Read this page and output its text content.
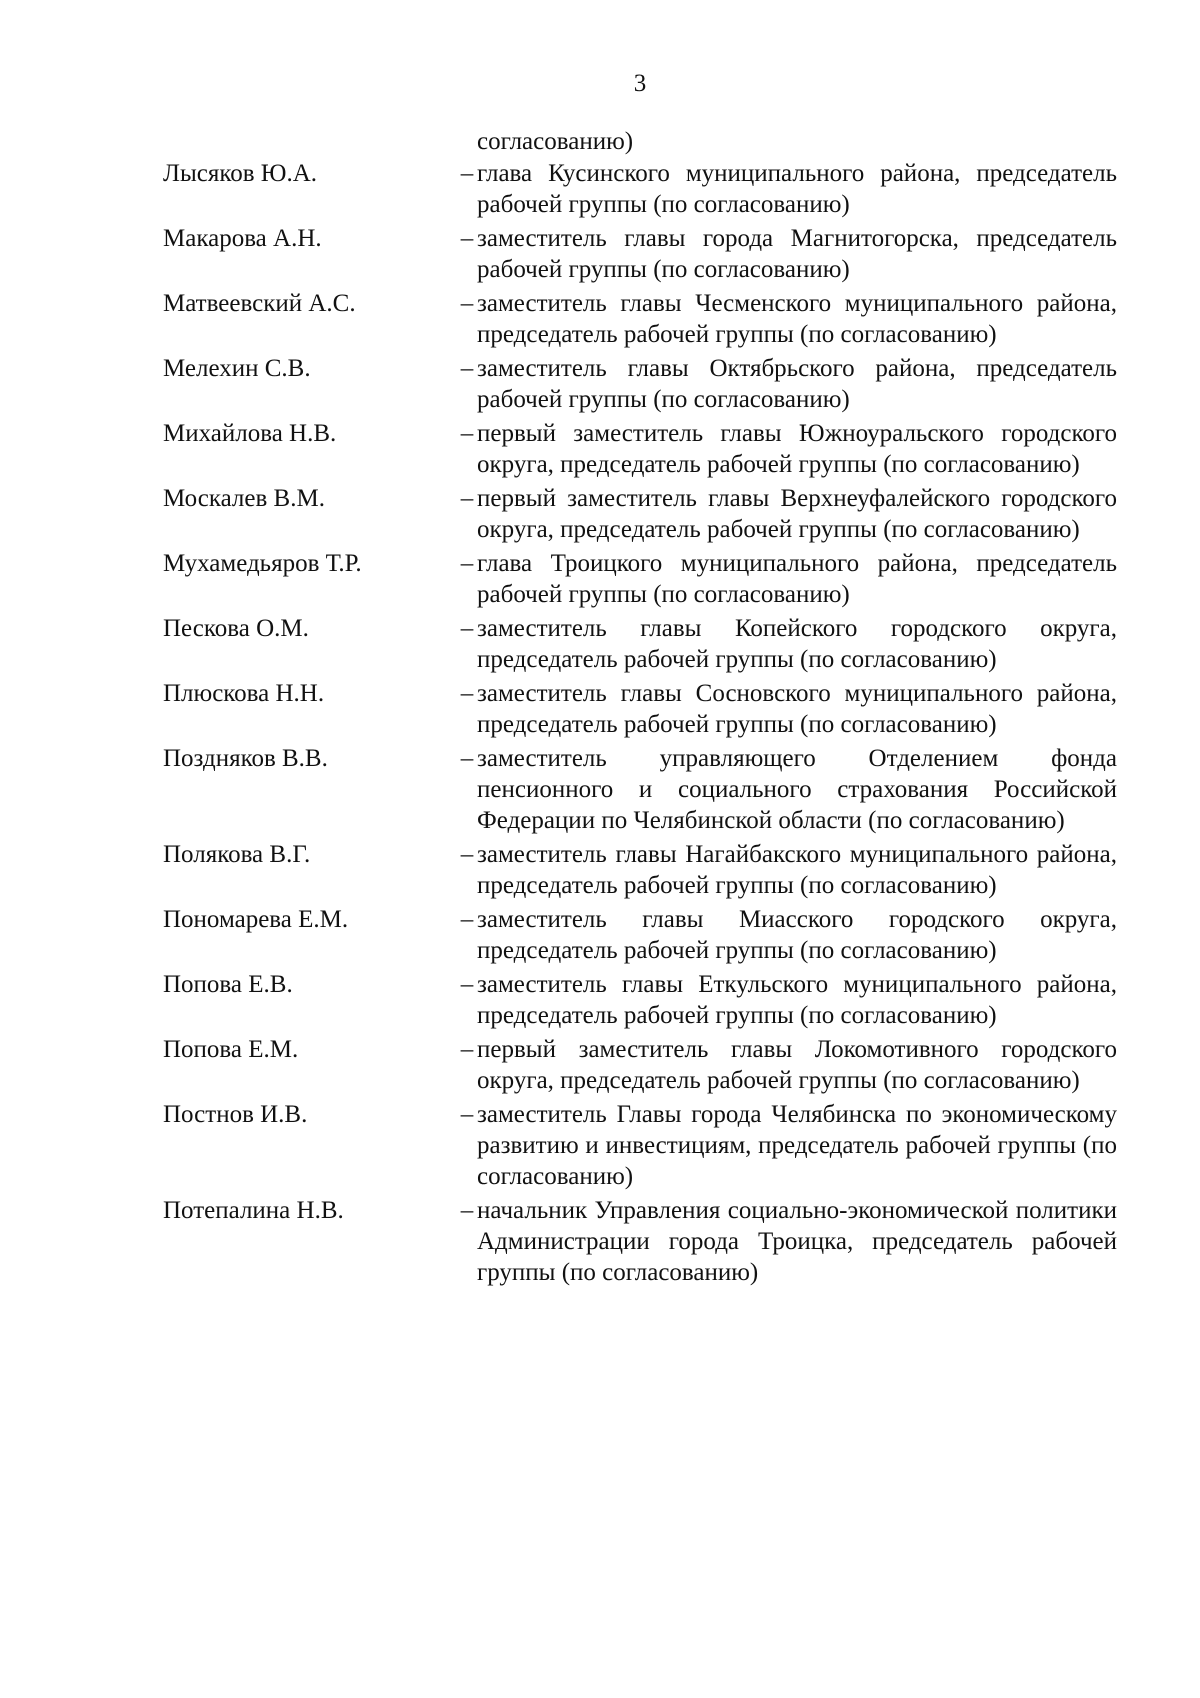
3
согласованию)
Лысяков Ю.А.	– глава Кусинского муниципального района, председатель рабочей группы (по согласованию)
Макарова А.Н.	– заместитель главы города Магнитогорска, председатель рабочей группы (по согласованию)
Матвеевский А.С.	– заместитель главы Чесменского муниципального района, председатель рабочей группы (по согласованию)
Мелехин С.В.	– заместитель главы Октябрьского района, председатель рабочей группы (по согласованию)
Михайлова Н.В.	– первый заместитель главы Южноуральского городского округа, председатель рабочей группы (по согласованию)
Москалев В.М.	– первый заместитель главы Верхнеуфалейского городского округа, председатель рабочей группы (по согласованию)
Мухамедьяров Т.Р.	– глава Троицкого муниципального района, председатель рабочей группы (по согласованию)
Пескова О.М.	– заместитель главы Копейского городского округа, председатель рабочей группы (по согласованию)
Плюскова Н.Н.	– заместитель главы Сосновского муниципального района, председатель рабочей группы (по согласованию)
Поздняков В.В.	– заместитель управляющего Отделением фонда пенсионного и социального страхования Российской Федерации по Челябинской области (по согласованию)
Полякова В.Г.	– заместитель главы Нагайбакского муниципального района, председатель рабочей группы (по согласованию)
Пономарева Е.М.	– заместитель главы Миасского городского округа, председатель рабочей группы (по согласованию)
Попова Е.В.	– заместитель главы Еткульского муниципального района, председатель рабочей группы (по согласованию)
Попова Е.М.	– первый заместитель главы Локомотивного городского округа, председатель рабочей группы (по согласованию)
Постнов И.В.	– заместитель Главы города Челябинска по экономическому развитию и инвестициям, председатель рабочей группы (по согласованию)
Потепалина Н.В.	– начальник Управления социально-экономической политики Администрации города Троицка, председатель рабочей группы (по согласованию)
